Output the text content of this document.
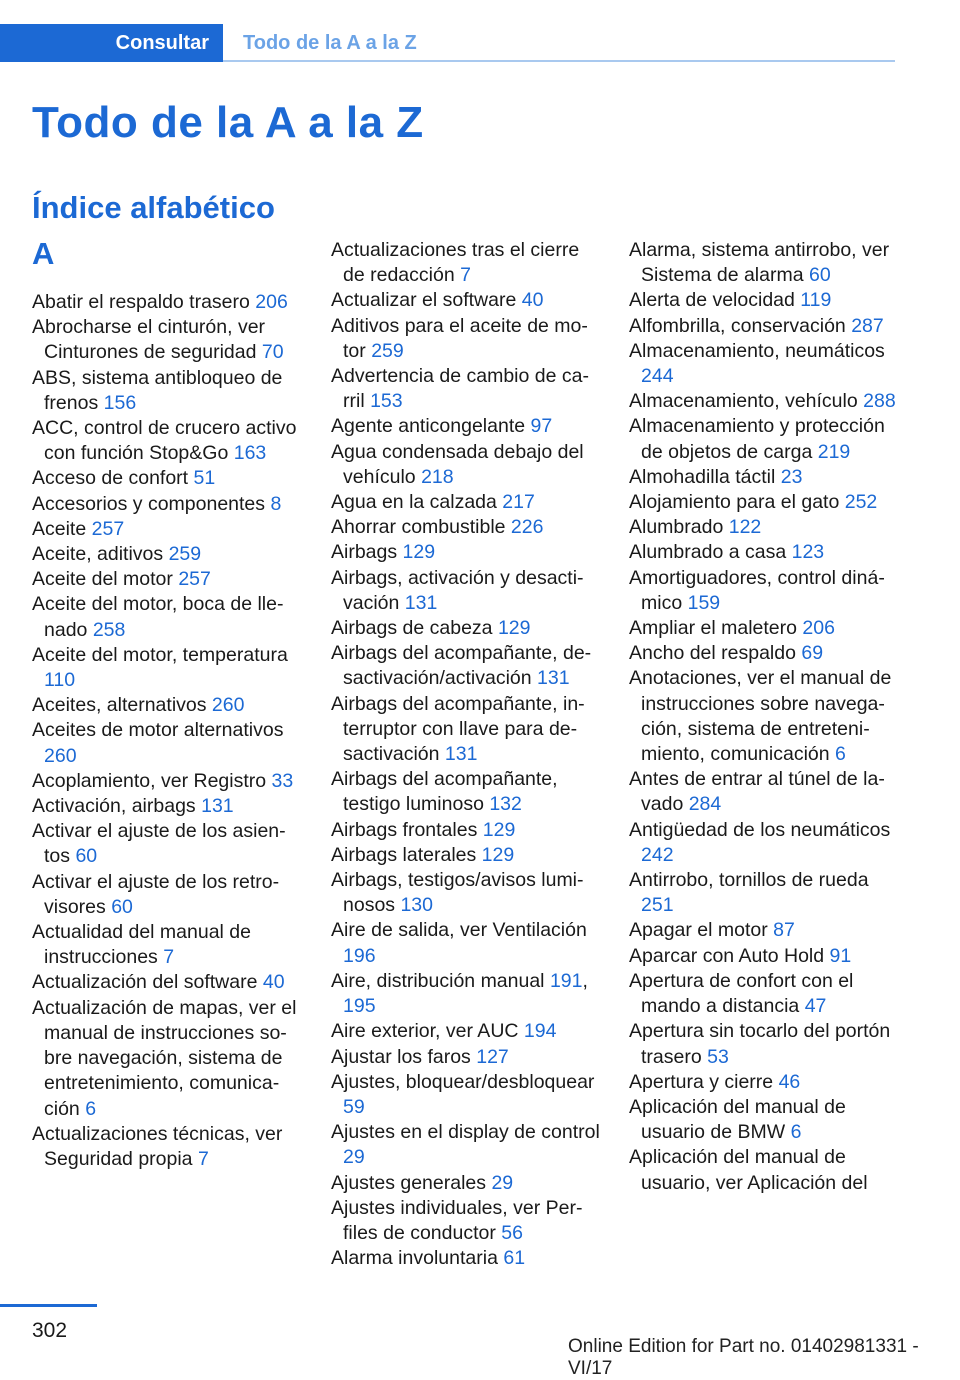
Consultar	Todo de la A a la Z
Todo de la A a la Z
Índice alfabético
A
Abatir el respaldo trasero 206
Abrocharse el cinturón, ver Cinturones de seguridad 70
ABS, sistema antibloqueo de frenos 156
ACC, control de crucero activo con función Stop&Go 163
Acceso de confort 51
Accesorios y componentes 8
Aceite 257
Aceite, aditivos 259
Aceite del motor 257
Aceite del motor, boca de llenado 258
Aceite del motor, temperatura 110
Aceites, alternativos 260
Aceites de motor alternativos 260
Acoplamiento, ver Registro 33
Activación, airbags 131
Activar el ajuste de los asientos 60
Activar el ajuste de los retrovisores 60
Actualidad del manual de instrucciones 7
Actualización del software 40
Actualización de mapas, ver el manual de instrucciones sobre navegación, sistema de entretenimiento, comunicación 6
Actualizaciones técnicas, ver Seguridad propia 7
Actualizaciones tras el cierre de redacción 7
Actualizar el software 40
Aditivos para el aceite de motor 259
Advertencia de cambio de carril 153
Agente anticongelante 97
Agua condensada debajo del vehículo 218
Agua en la calzada 217
Ahorrar combustible 226
Airbags 129
Airbags, activación y desactivación 131
Airbags de cabeza 129
Airbags del acompañante, desactivación/activación 131
Airbags del acompañante, interruptor con llave para desactivación 131
Airbags del acompañante, testigo luminoso 132
Airbags frontales 129
Airbags laterales 129
Airbags, testigos/avisos luminosos 130
Aire de salida, ver Ventilación 196
Aire, distribución manual 191, 195
Aire exterior, ver AUC 194
Ajustar los faros 127
Ajustes, bloquear/desbloquear 59
Ajustes en el display de control 29
Ajustes generales 29
Ajustes individuales, ver Perfiles de conductor 56
Alarma involuntaria 61
Alarma, sistema antirrobo, ver Sistema de alarma 60
Alerta de velocidad 119
Alfombrilla, conservación 287
Almacenamiento, neumáticos 244
Almacenamiento, vehículo 288
Almacenamiento y protección de objetos de carga 219
Almohadilla táctil 23
Alojamiento para el gato 252
Alumbrado 122
Alumbrado a casa 123
Amortiguadores, control dinámico 159
Ampliar el maletero 206
Ancho del respaldo 69
Anotaciones, ver el manual de instrucciones sobre navegación, sistema de entretenimiento, comunicación 6
Antes de entrar al túnel de lavado 284
Antigüedad de los neumáticos 242
Antirrobo, tornillos de rueda 251
Apagar el motor 87
Aparcar con Auto Hold 91
Apertura de confort con el mando a distancia 47
Apertura sin tocarlo del portón trasero 53
Apertura y cierre 46
Aplicación del manual de usuario de BMW 6
Aplicación del manual de usuario, ver Aplicación del
302
Online Edition for Part no. 01402981331 - VI/17
